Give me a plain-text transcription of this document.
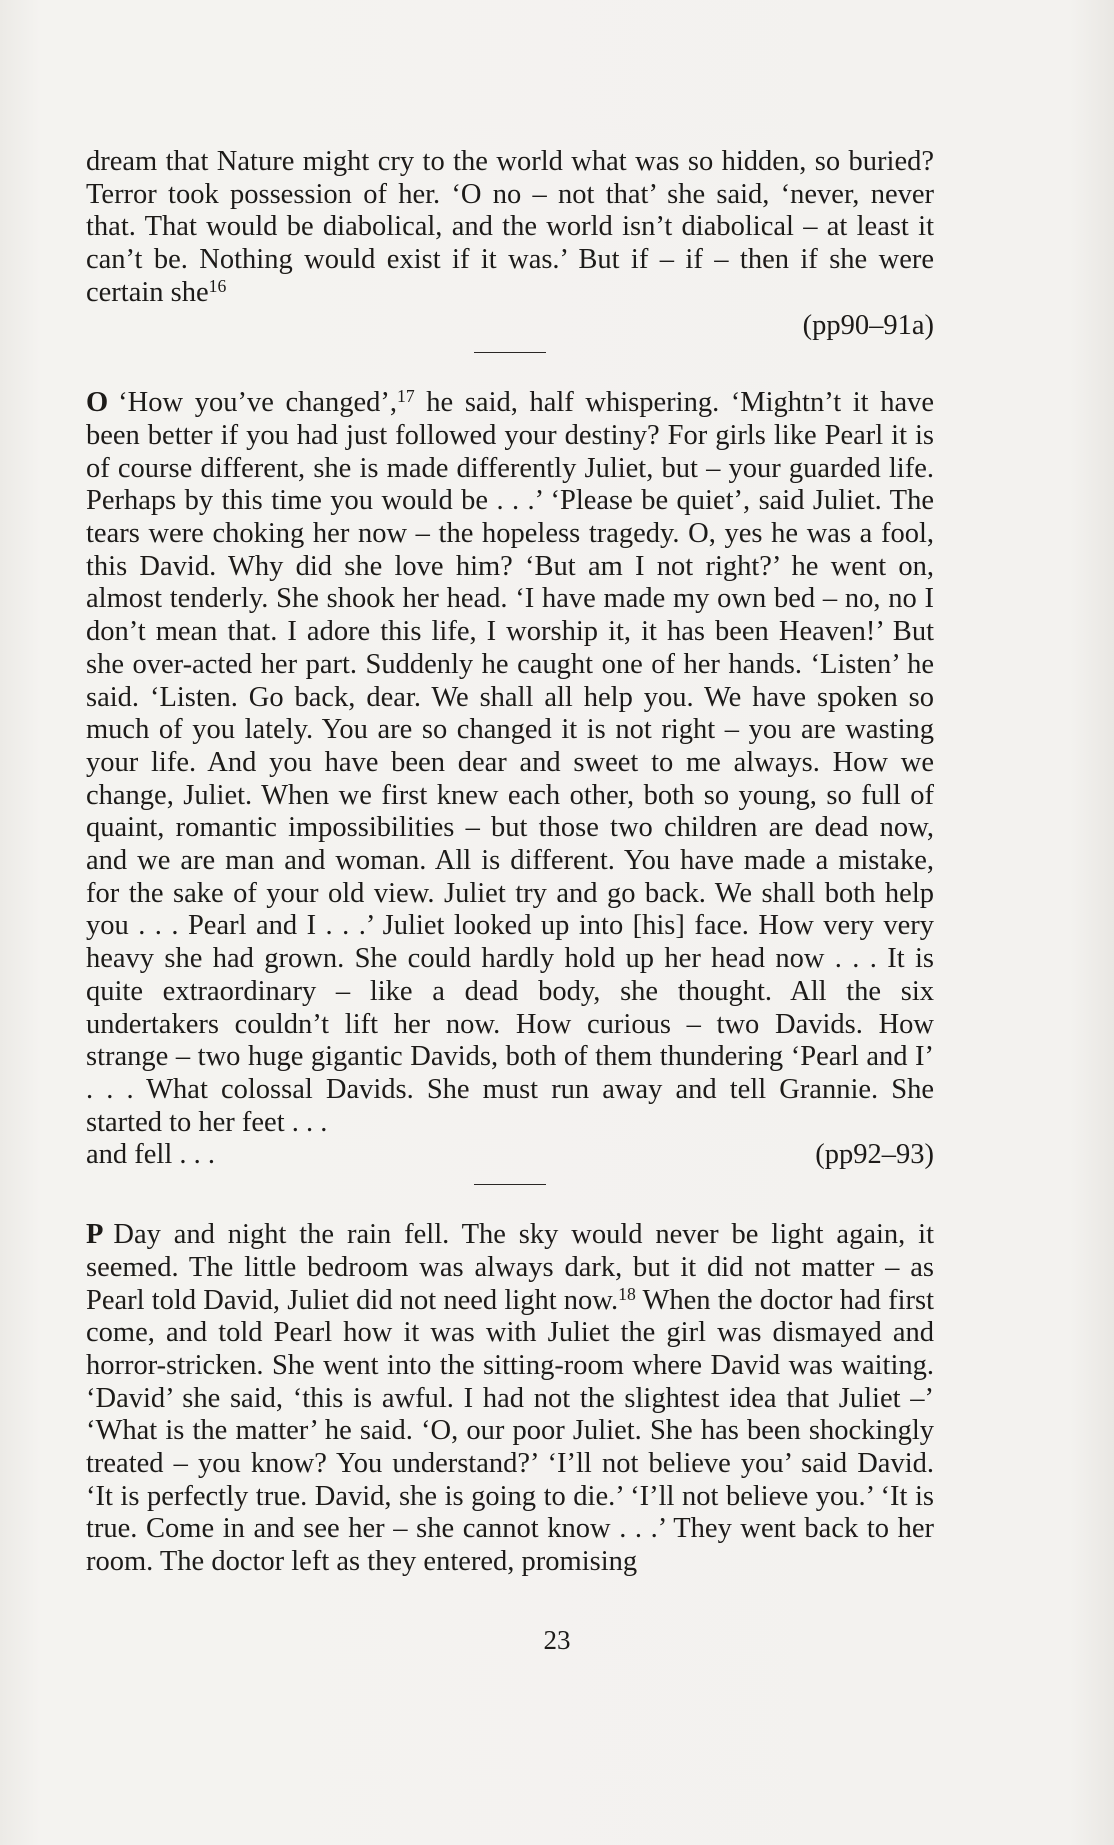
dream that Nature might cry to the world what was so hidden, so buried? Terror took possession of her. ‘O no – not that’ she said, ‘never, never that. That would be diabolical, and the world isn’t diabolical – at least it can’t be. Nothing would exist if it was.’ But if – if – then if she were certain she$^{16}$

(pp90–91a)

O ‘How you’ve changed’,$^{17}$ he said, half whispering. ‘Mightn’t it have been better if you had just followed your destiny? For girls like Pearl it is of course different, she is made differently Juliet, but – your guarded life. Perhaps by this time you would be . . .’ ‘Please be quiet’, said Juliet. The tears were choking her now – the hopeless tragedy. O, yes he was a fool, this David. Why did she love him? ‘But am I not right?’ he went on, almost tenderly. She shook her head. ‘I have made my own bed – no, no I don’t mean that. I adore this life, I worship it, it has been Heaven!’ But she over-acted her part. Suddenly he caught one of her hands. ‘Listen’ he said. ‘Listen. Go back, dear. We shall all help you. We have spoken so much of you lately. You are so changed it is not right – you are wasting your life. And you have been dear and sweet to me always. How we change, Juliet. When we first knew each other, both so young, so full of quaint, romantic impossibilities – but those two children are dead now, and we are man and woman. All is different. You have made a mistake, for the sake of your old view. Juliet try and go back. We shall both help you . . . Pearl and I . . .’ Juliet looked up into [his] face. How very very heavy she had grown. She could hardly hold up her head now . . . It is quite extraordinary – like a dead body, she thought. All the six undertakers couldn’t lift her now. How curious – two Davids. How strange – two huge gigantic Davids, both of them thundering ‘Pearl and I’ . . . What colossal Davids. She must run away and tell Grannie. She started to her feet . . .

and fell . . .	(pp92–93)

P Day and night the rain fell. The sky would never be light again, it seemed. The little bedroom was always dark, but it did not matter – as Pearl told David, Juliet did not need light now.$^{18}$ When the doctor had first come, and told Pearl how it was with Juliet the girl was dismayed and horror-stricken. She went into the sitting-room where David was waiting. ‘David’ she said, ‘this is awful. I had not the slightest idea that Juliet –’ ‘What is the matter’ he said. ‘O, our poor Juliet. She has been shockingly treated – you know? You understand?’ ‘I’ll not believe you’ said David. ‘It is perfectly true. David, she is going to die.’ ‘I’ll not believe you.’ ‘It is true. Come in and see her – she cannot know . . .’ They went back to her room. The doctor left as they entered, promising

23
